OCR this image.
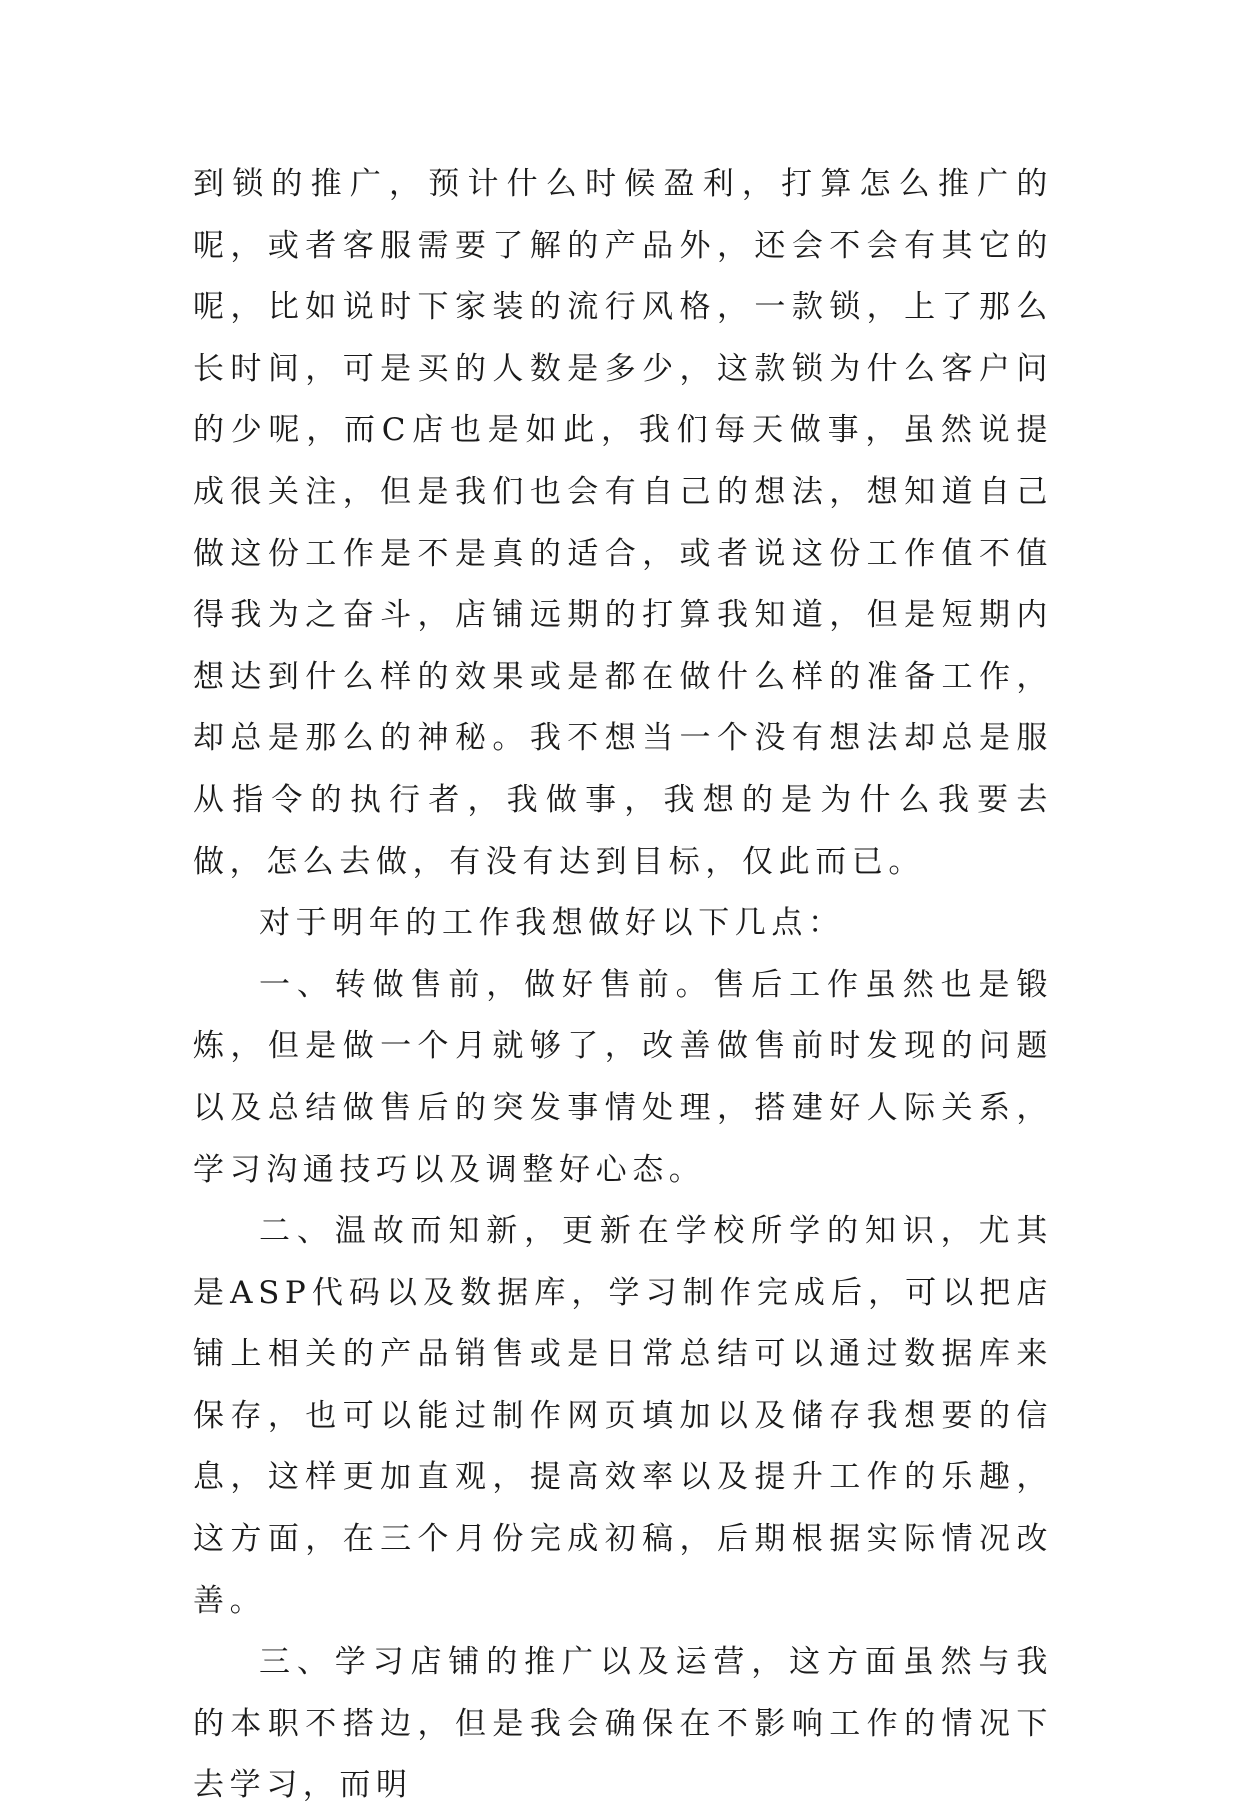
到锁的推广，预计什么时候盈利，打算怎么推广的呢，或者客服需要了解的产品外，还会不会有其它的呢，比如说时下家装的流行风格，一款锁，上了那么长时间，可是买的人数是多少，这款锁为什么客户问的少呢，而C店也是如此，我们每天做事，虽然说提成很关注，但是我们也会有自己的想法，想知道自己做这份工作是不是真的适合，或者说这份工作值不值得我为之奋斗，店铺远期的打算我知道，但是短期内想达到什么样的效果或是都在做什么样的准备工作，却总是那么的神秘。我不想当一个没有想法却总是服从指令的执行者，我做事，我想的是为什么我要去做，怎么去做，有没有达到目标，仅此而已。

对于明年的工作我想做好以下几点：

一、转做售前，做好售前。售后工作虽然也是锻炼，但是做一个月就够了，改善做售前时发现的问题以及总结做售后的突发事情处理，搭建好人际关系，学习沟通技巧以及调整好心态。

二、温故而知新，更新在学校所学的知识，尤其是ASP代码以及数据库，学习制作完成后，可以把店铺上相关的产品销售或是日常总结可以通过数据库来保存，也可以能过制作网页填加以及储存我想要的信息，这样更加直观，提高效率以及提升工作的乐趣，这方面，在三个月份完成初稿，后期根据实际情况改善。

三、学习店铺的推广以及运营，这方面虽然与我的本职不搭边，但是我会确保在不影响工作的情况下去学习，而明
